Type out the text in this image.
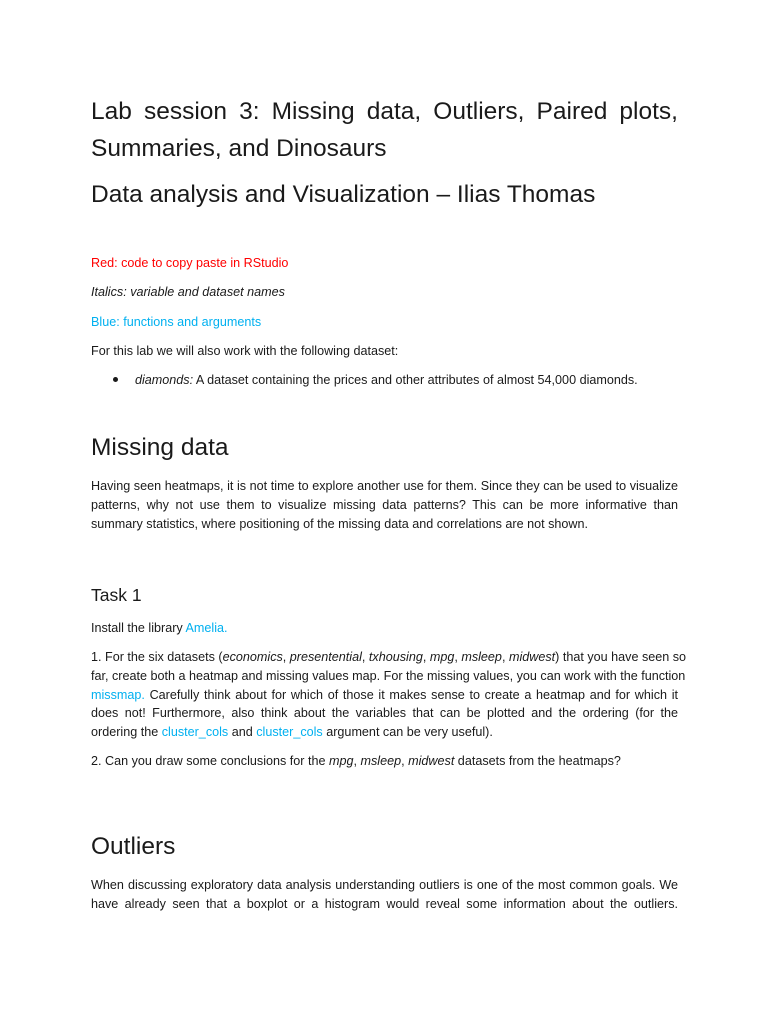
Lab session 3: Missing data, Outliers, Paired plots,
Summaries, and Dinosaurs
Data analysis and Visualization – Ilias Thomas

Red: code to copy paste in RStudio

Italics: variable and dataset names

Blue: functions and arguments

For this lab we will also work with the following dataset:

diamonds: A dataset containing the prices and other attributes of almost 54,000 diamonds.
Missing data
Having seen heatmaps, it is not time to explore another use for them. Since they can be used to visualize
patterns, why not use them to visualize missing data patterns? This can be more informative than
summary statistics, where positioning of the missing data and correlations are not shown.
Task 1

Install the library Amelia.

1. For the six datasets (economics, presentential, txhousing, mpg, msleep, midwest) that you have seen so
far, create both a heatmap and missing values map. For the missing values, you can work with the function
missmap. Carefully think about for which of those it makes sense to create a heatmap and for which it
does not! Furthermore, also think about the variables that can be plotted and the ordering (for the
ordering the cluster_cols and cluster_cols argument can be very useful).

2. Can you draw some conclusions for the mpg, msleep, midwest datasets from the heatmaps?

Outliers
When discussing exploratory data analysis understanding outliers is one of the most common goals. We
have already seen that a boxplot or a histogram would reveal some information about the outliers.
